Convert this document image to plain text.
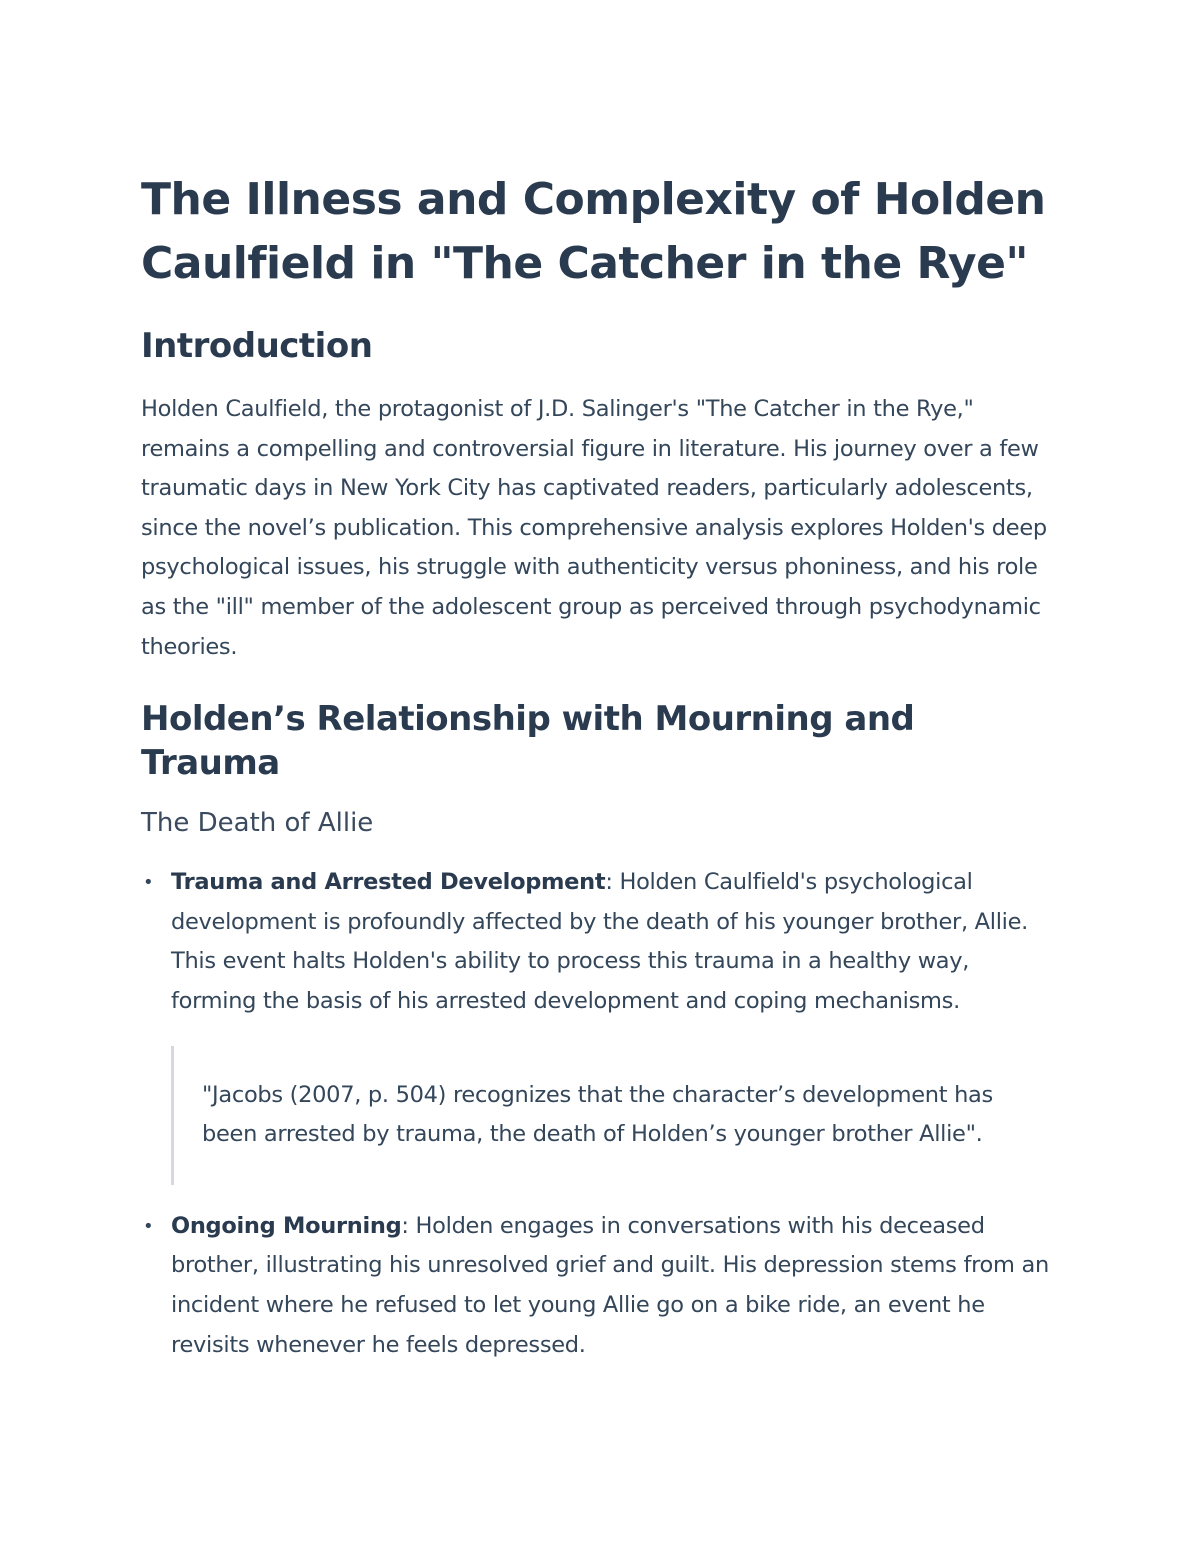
The Illness and Complexity of Holden Caulfield in "The Catcher in the Rye"
Introduction

Holden Caulfield, the protagonist of J.D. Salinger's "The Catcher in the Rye," remains a compelling and controversial figure in literature. His journey over a few traumatic days in New York City has captivated readers, particularly adolescents, since the novel’s publication. This comprehensive analysis explores Holden's deep psychological issues, his struggle with authenticity versus phoniness, and his role as the "ill" member of the adolescent group as perceived through psychodynamic theories.

Holden’s Relationship with Mourning and Trauma
The Death of Allie
• Trauma and Arrested Development: Holden Caulfield's psychological development is profoundly affected by the death of his younger brother, Allie. This event halts Holden's ability to process this trauma in a healthy way, forming the basis of his arrested development and coping mechanisms.
"Jacobs (2007, p. 504) recognizes that the character’s development has been arrested by trauma, the death of Holden’s younger brother Allie".
• Ongoing Mourning: Holden engages in conversations with his deceased brother, illustrating his unresolved grief and guilt. His depression stems from an incident where he refused to let young Allie go on a bike ride, an event he revisits whenever he feels depressed.
